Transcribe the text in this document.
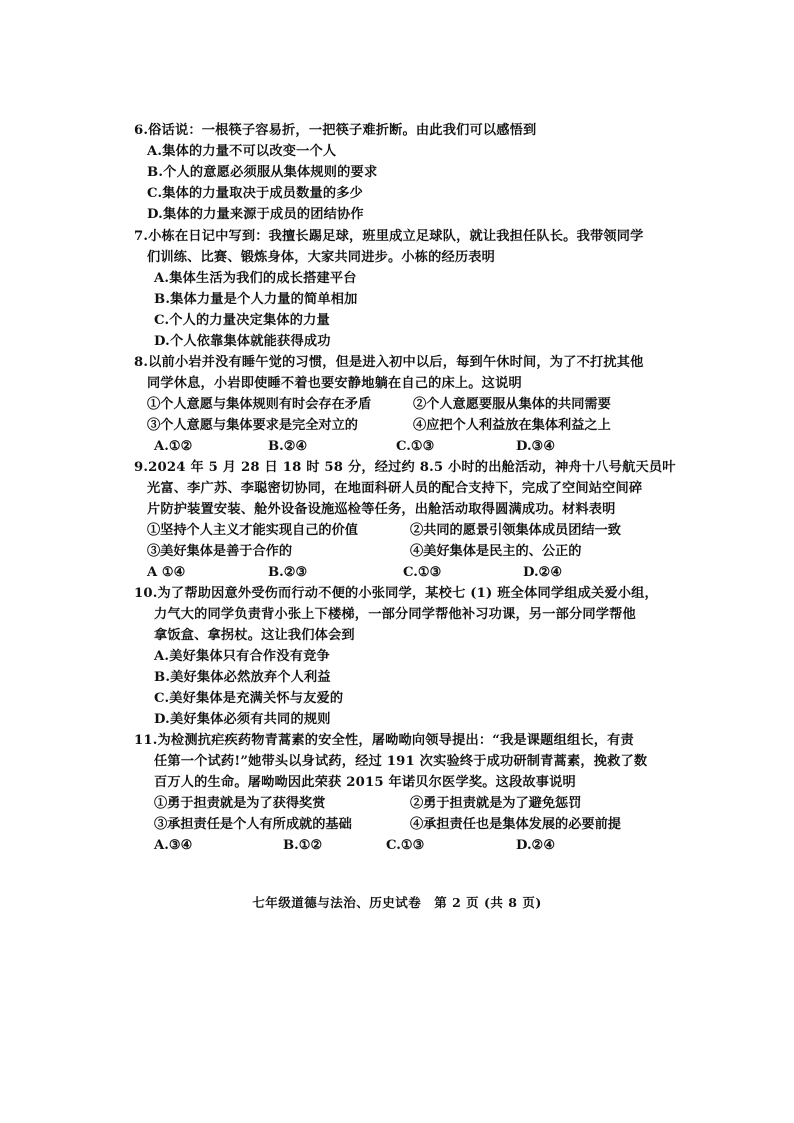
6.俗话说：一根筷子容易折，一把筷子难折断。由此我们可以感悟到
A.集体的力量不可以改变一个人
B.个人的意愿必须服从集体规则的要求
C.集体的力量取决于成员数量的多少
D.集体的力量来源于成员的团结协作
7.小栋在日记中写到：我擅长踢足球，班里成立足球队，就让我担任队长。我带领同学
们训练、比赛、锻炼身体，大家共同进步。小栋的经历表明
A.集体生活为我们的成长搭建平台
B.集体力量是个人力量的简单相加
C.个人的力量决定集体的力量
D.个人依靠集体就能获得成功
8.以前小岩并没有睡午觉的习惯，但是进入初中以后，每到午休时间，为了不打扰其他
同学休息，小岩即使睡不着也要安静地躺在自己的床上。这说明
①个人意愿与集体规则有时会存在矛盾	②个人意愿要服从集体的共同需要
③个人意愿与集体要求是完全对立的	④应把个人利益放在集体利益之上
A.①②	B.②④	C.①③	D.③④
9.2024 年 5 月 28 日 18 时 58 分，经过约 8.5 小时的出舱活动，神舟十八号航天员叶
光富、李广苏、李聪密切协同，在地面科研人员的配合支持下，完成了空间站空间碎
片防护装置安装、舱外设备设施巡检等任务，出舱活动取得圆满成功。材料表明
①坚持个人主义才能实现自己的价值	②共同的愿景引领集体成员团结一致
③美好集体是善于合作的	④美好集体是民主的、公正的
A ①④	B.②③	C.①③	D.②④
10.为了帮助因意外受伤而行动不便的小张同学，某校七 (1) 班全体同学组成关爱小组，
力气大的同学负责背小张上下楼梯，一部分同学帮他补习功课，另一部分同学帮他
拿饭盒、拿拐杖。这让我们体会到
A.美好集体只有合作没有竞争
B.美好集体必然放弃个人利益
C.美好集体是充满关怀与友爱的
D.美好集体必须有共同的规则
11.为检测抗疟疾药物青蒿素的安全性，屠呦呦向领导提出：“我是课题组组长，有责
任第一个试药!”她带头以身试药，经过 191 次实验终于成功研制青蒿素，挽救了数
百万人的生命。屠呦呦因此荣获 2015 年诺贝尔医学奖。这段故事说明
①勇于担责就是为了获得奖赏	②勇于担责就是为了避免惩罚
③承担责任是个人有所成就的基础	④承担责任也是集体发展的必要前提
A.③④	B.①②	C.①③	D.②④
七年级道德与法治、历史试卷　第 2 页 (共 8 页)
